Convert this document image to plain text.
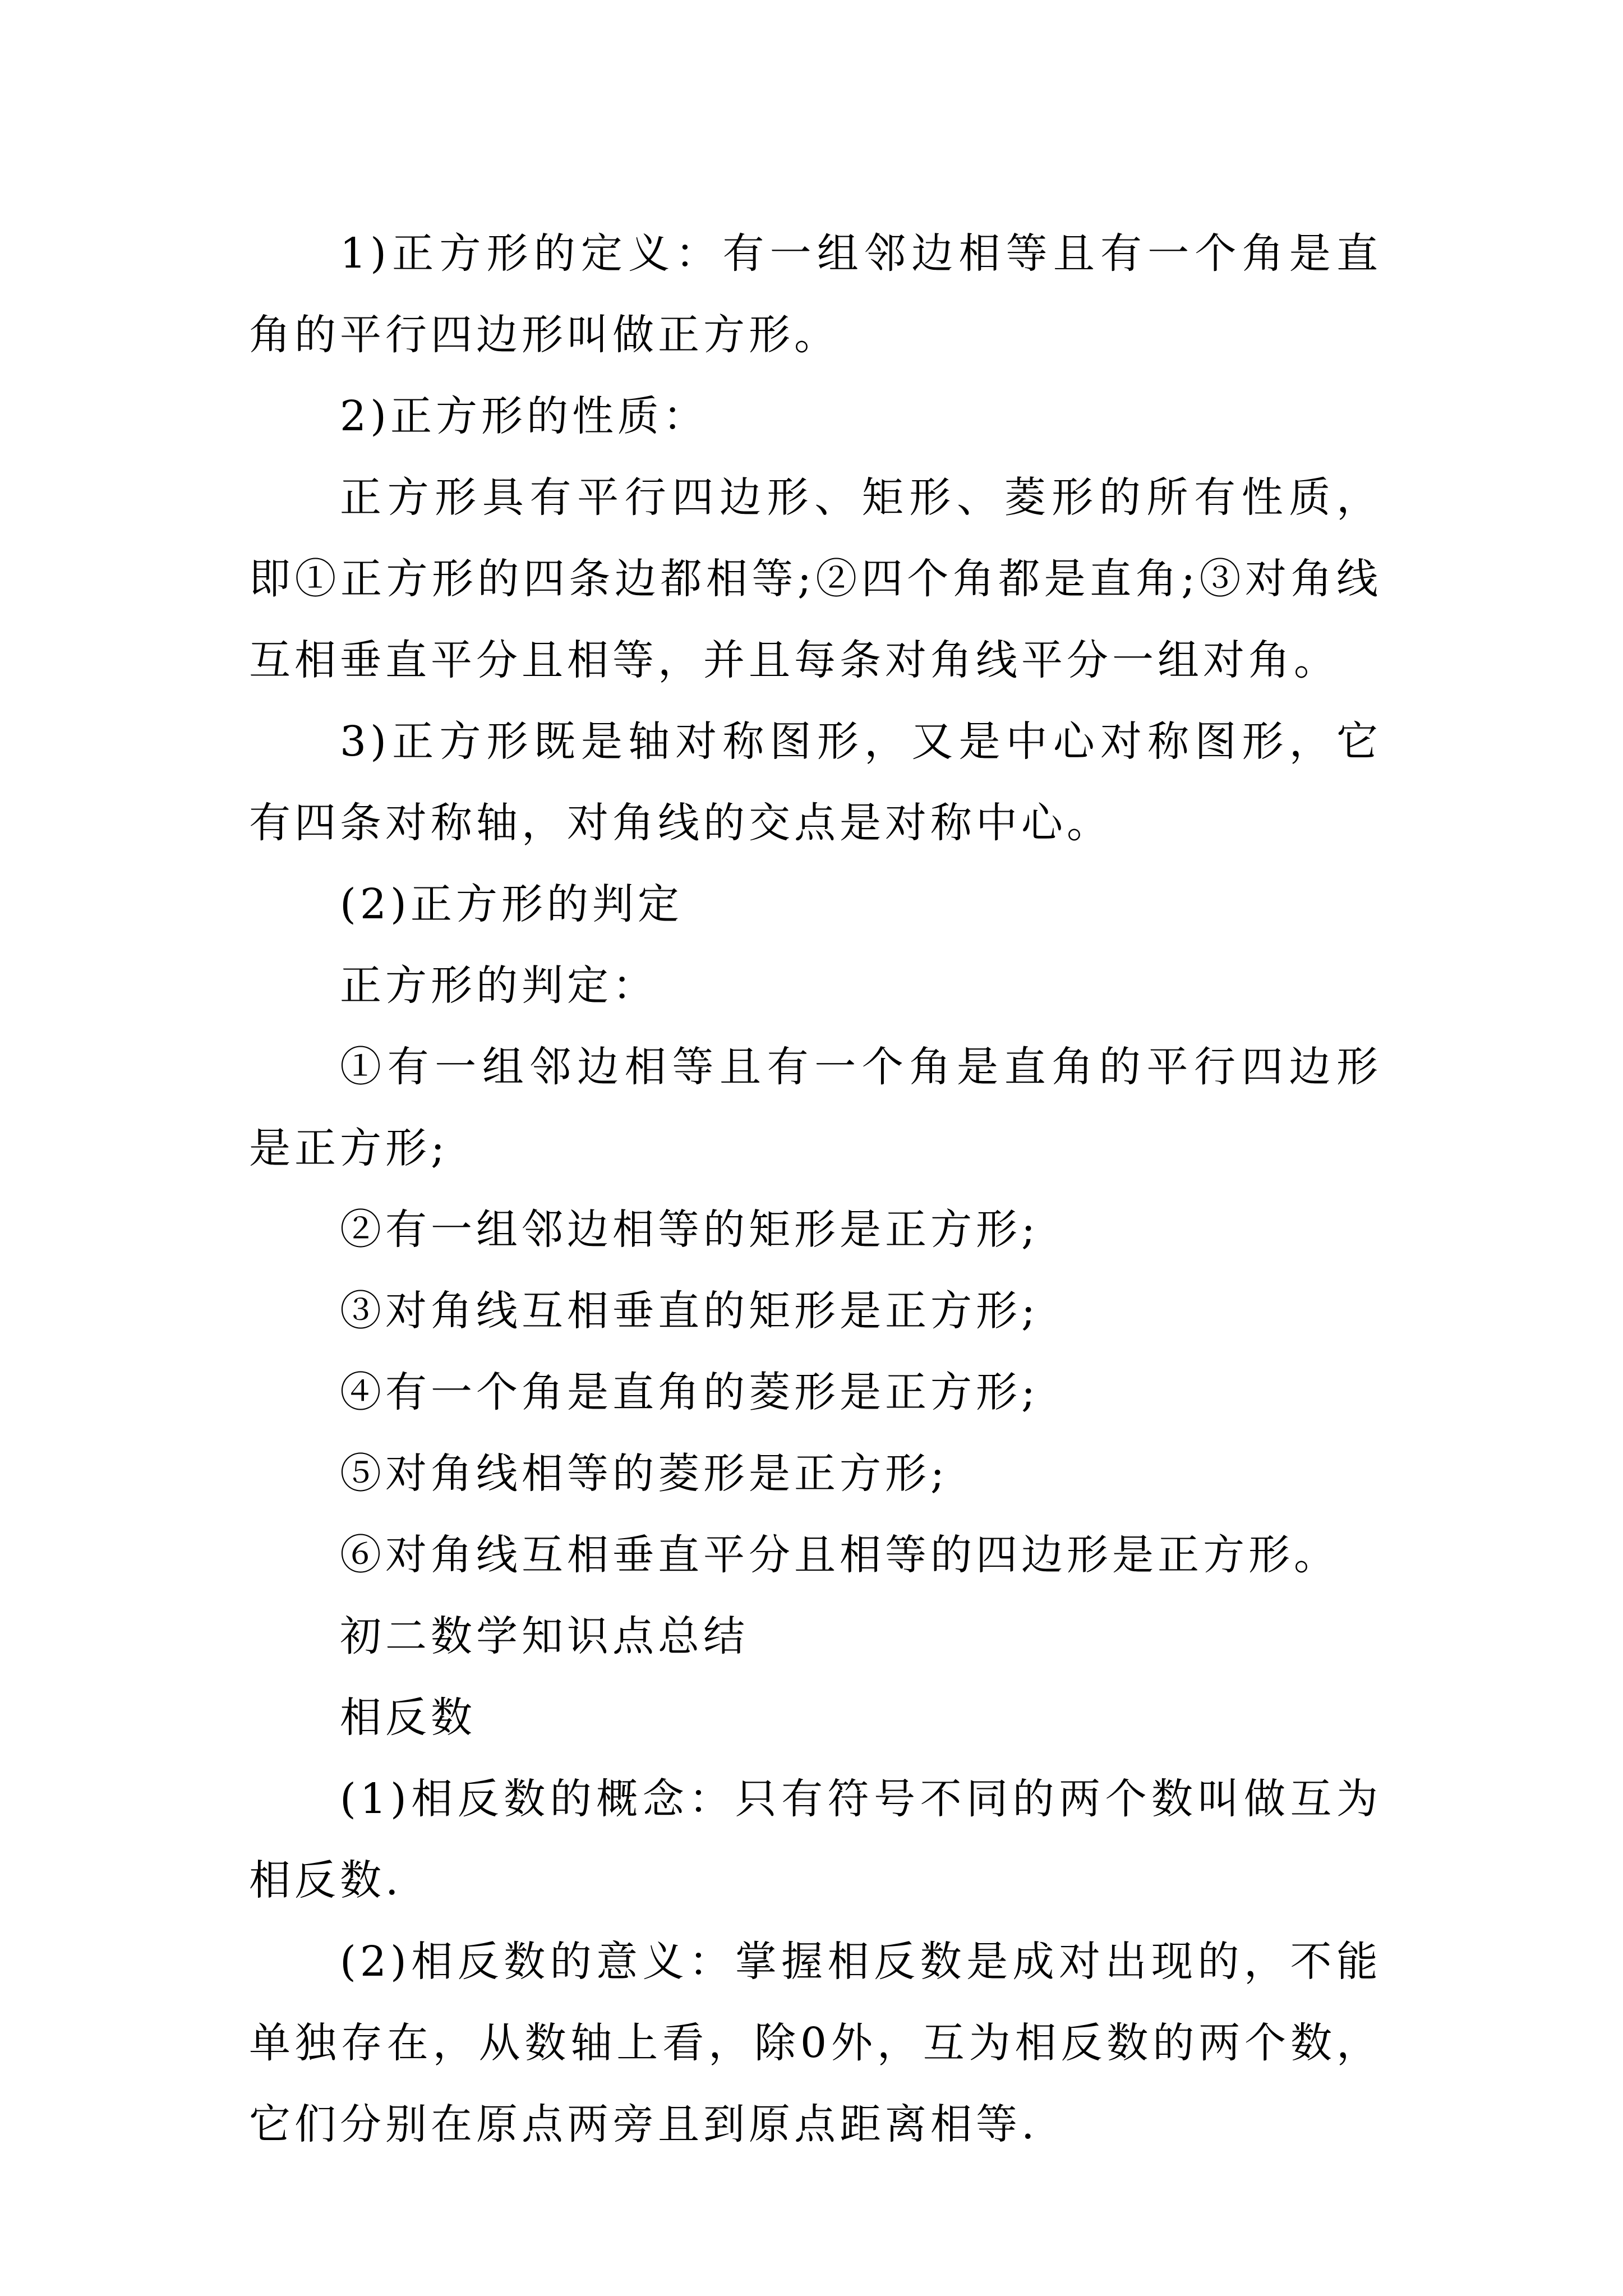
1)正方形的定义：有一组邻边相等且有一个角是直角的平行四边形叫做正方形。

2)正方形的性质：

正方形具有平行四边形、矩形、菱形的所有性质，即①正方形的四条边都相等;②四个角都是直角;③对角线互相垂直平分且相等，并且每条对角线平分一组对角。

3)正方形既是轴对称图形，又是中心对称图形，它有四条对称轴，对角线的交点是对称中心。

(2)正方形的判定

正方形的判定：

①有一组邻边相等且有一个角是直角的平行四边形是正方形;

②有一组邻边相等的矩形是正方形;

③对角线互相垂直的矩形是正方形;

④有一个角是直角的菱形是正方形;

⑤对角线相等的菱形是正方形;

⑥对角线互相垂直平分且相等的四边形是正方形。

初二数学知识点总结

相反数

(1)相反数的概念：只有符号不同的两个数叫做互为相反数.

(2)相反数的意义：掌握相反数是成对出现的，不能单独存在，从数轴上看，除0外，互为相反数的两个数，它们分别在原点两旁且到原点距离相等.
